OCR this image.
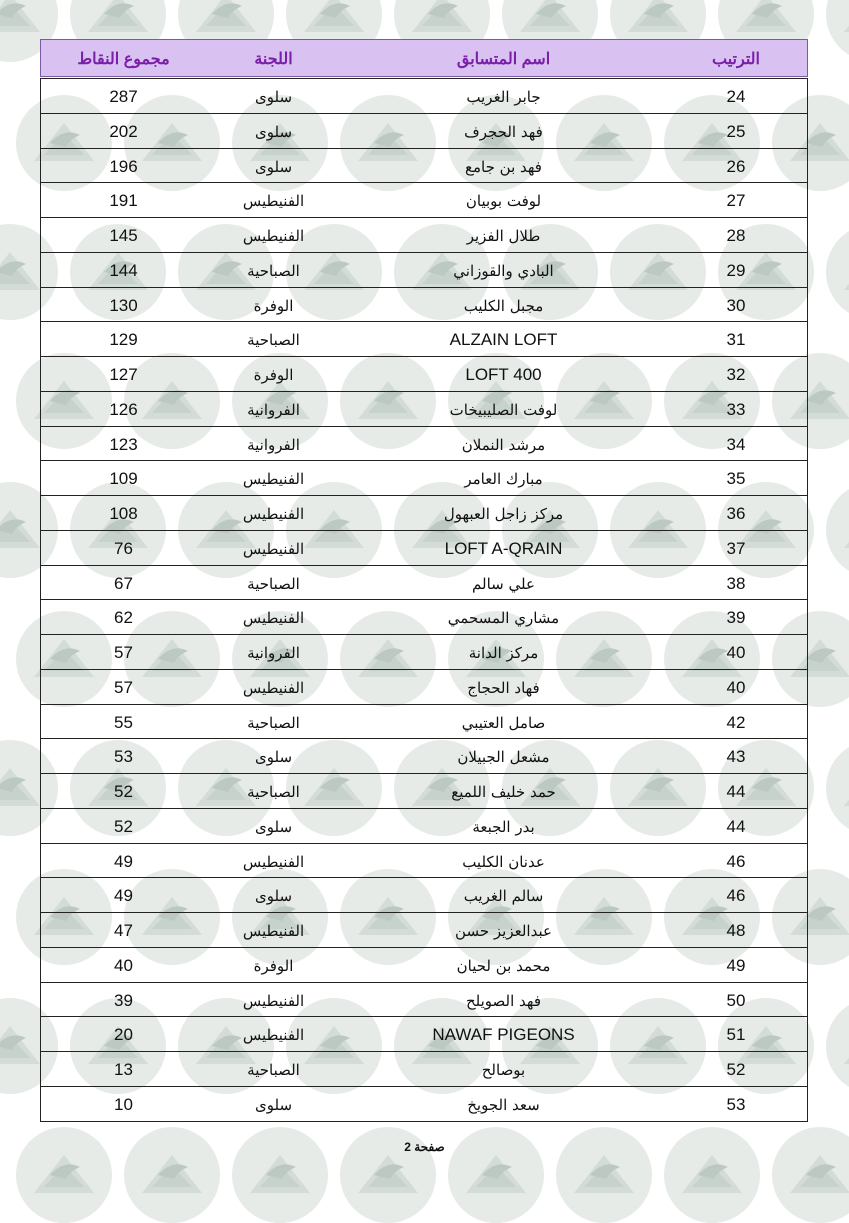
مجموع النقاط	اللجنة	اسم المتسابق	الترتيب
287	سلوى	جابر الغريب	24
202	سلوى	فهد الحجرف	25
196	سلوى	فهد بن جامع	26
191	الفنيطيس	لوفت بوبيان	27
145	الفنيطيس	طلال الفزير	28
144	الصباحية	البادي والقوزاني	29
130	الوفرة	مجبل الكليب	30
129	الصباحية	ALZAIN LOFT	31
127	الوفرة	LOFT 400	32
126	الفروانية	لوفت الصليبيخات	33
123	الفروانية	مرشد النملان	34
109	الفنيطيس	مبارك العامر	35
108	الفنيطيس	مركز زاجل العبهول	36
76	الفنيطيس	LOFT A-QRAIN	37
67	الصباحية	علي سالم	38
62	الفنيطيس	مشاري المسحمي	39
57	الفروانية	مركز الدانة	40
57	الفنيطيس	فهاد الحجاج	40
55	الصباحية	صامل العتيبي	42
53	سلوى	مشعل الجبيلان	43
52	الصباحية	حمد خليف اللميع	44
52	سلوى	بدر الجبعة	44
49	الفنيطيس	عدنان الكليب	46
49	سلوى	سالم الغريب	46
47	الفنيطيس	عبدالعزيز حسن	48
40	الوفرة	محمد بن لحيان	49
39	الفنيطيس	فهد الصويلح	50
20	الفنيطيس	NAWAF PIGEONS	51
13	الصباحية	بوصالح	52
10	سلوى	سعد الجويخ	53
صفحة 2
